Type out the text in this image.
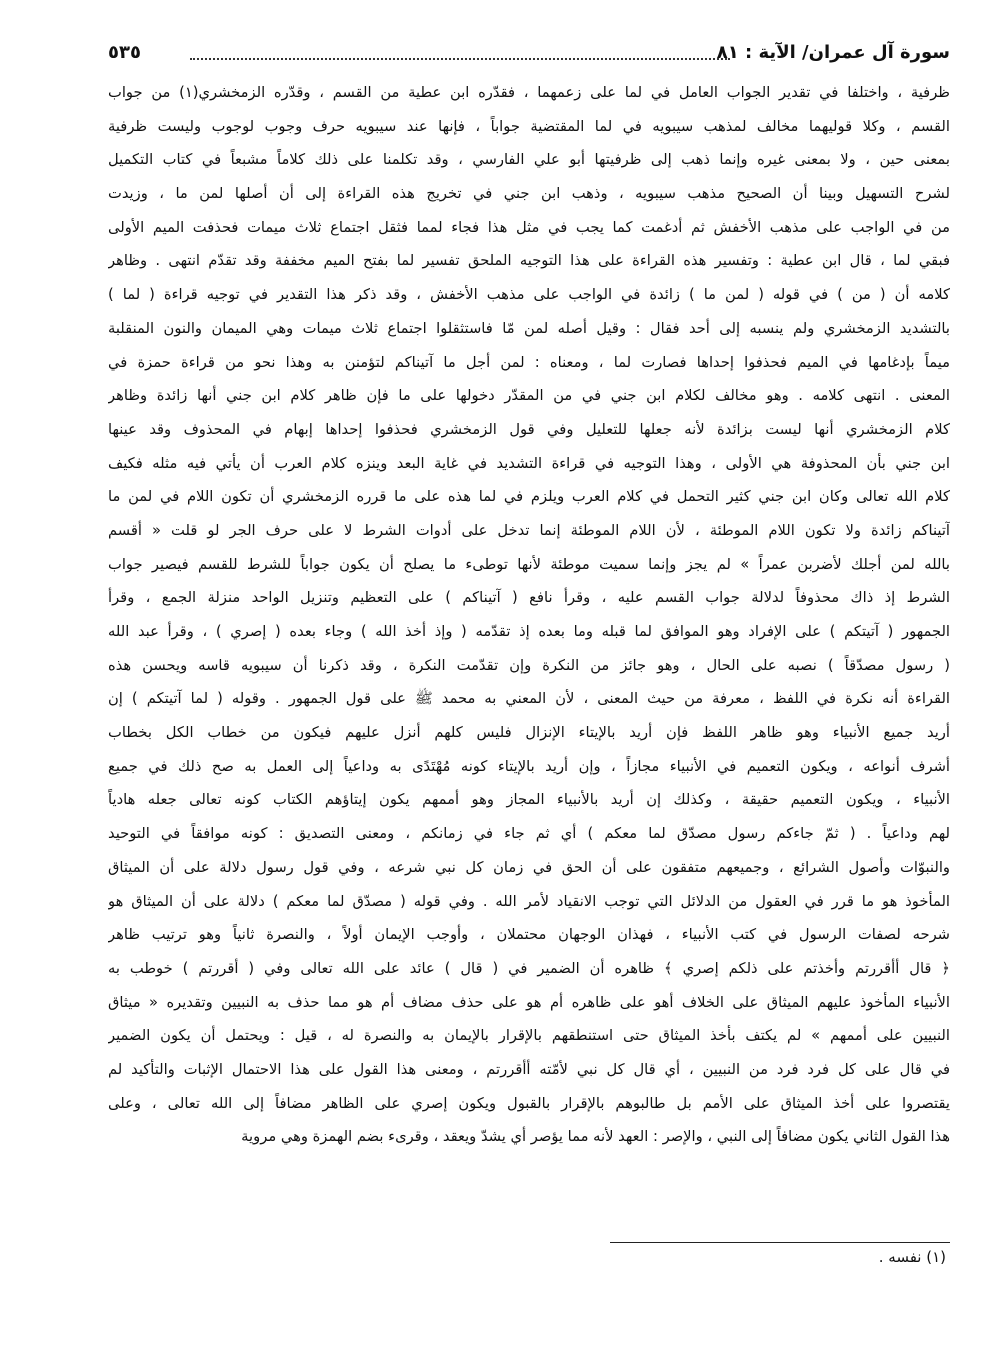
سورة آل عمران/ الآية : ٨١
٥٣٥
ظرفية ، واختلفا في تقدير الجواب العامل في لما على زعمهما ، فقدّره ابن عطية من القسم ، وقدّره الزمخشري(١) من جواب
القسم ، وكلا قوليهما مخالف لمذهب سيبويه في لما المقتضية جواباً ، فإنها عند سيبويه حرف وجوب لوجوب وليست ظرفية
بمعنى حين ، ولا بمعنى غيره وإنما ذهب إلى ظرفيتها أبو علي الفارسي ، وقد تكلمنا على ذلك كلاماً مشبعاً في كتاب التكميل
لشرح التسهيل وبينا أن الصحيح مذهب سيبويه ، وذهب ابن جني في تخريج هذه القراءة إلى أن أصلها لمن ما ، وزيدت
من في الواجب على مذهب الأخفش ثم أدغمت كما يجب في مثل هذا فجاء لمما فثقل اجتماع ثلاث ميمات فحذفت الميم الأولى
فبقي لما ، قال ابن عطية : وتفسير هذه القراءة على هذا التوجيه الملحق تفسير لما بفتح الميم مخففة وقد تقدّم انتهى . وظاهر
كلامه أن ( من ) في قوله ( لمن ما ) زائدة في الواجب على مذهب الأخفش ، وقد ذكر هذا التقدير في توجيه قراءة ( لما )
بالتشديد الزمخشري ولم ينسبه إلى أحد فقال : وقيل أصله لمن مّا فاستثقلوا اجتماع ثلاث ميمات وهي الميمان والنون المنقلبة
ميماً بإدغامها في الميم فحذفوا إحداها فصارت لما ، ومعناه : لمن أجل ما آتيناكم لتؤمنن به وهذا نحو من قراءة حمزة في
المعنى . انتهى كلامه . وهو مخالف لكلام ابن جني في من المقدّر دخولها على ما فإن ظاهر كلام ابن جني أنها زائدة وظاهر
كلام الزمخشري أنها ليست بزائدة لأنه جعلها للتعليل وفي قول الزمخشري فحذفوا إحداها إبهام في المحذوف وقد عينها
ابن جني بأن المحذوفة هي الأولى ، وهذا التوجيه في قراءة التشديد في غاية البعد وينزه كلام العرب أن يأتي فيه مثله فكيف
كلام الله تعالى وكان ابن جني كثير التحمل في كلام العرب ويلزم في لما هذه على ما قرره الزمخشري أن تكون اللام في لمن ما
آتيناكم زائدة ولا تكون اللام الموطئة ، لأن اللام الموطئة إنما تدخل على أدوات الشرط لا على حرف الجر لو قلت « أقسم
بالله لمن أجلك لأضربن عمراً » لم يجز وإنما سميت موطئة لأنها توطىء ما يصلح أن يكون جواباً للشرط للقسم فيصير جواب
الشرط إذ ذاك محذوفاً لدلالة جواب القسم عليه ، وقرأ نافع ( آتيناكم ) على التعظيم وتنزيل الواحد منزلة الجمع ، وقرأ
الجمهور ( آتيتكم ) على الإفراد وهو الموافق لما قبله وما بعده إذ تقدّمه ( وإذ أخذ الله ) وجاء بعده ( إصري ) ، وقرأ عبد الله
( رسول مصدّقاً ) نصبه على الحال ، وهو جائز من النكرة وإن تقدّمت النكرة ، وقد ذكرنا أن سيبويه قاسه ويحسن هذه
القراءة أنه نكرة في اللفظ ، معرفة من حيث المعنى ، لأن المعني به محمد ﷺ على قول الجمهور . وقوله ( لما آتيتكم ) إن
أريد جميع الأنبياء وهو ظاهر اللفظ فإن أريد بالإيتاء الإنزال فليس كلهم أنزل عليهم فيكون من خطاب الكل بخطاب
أشرف أنواعه ، ويكون التعميم في الأنبياء مجازاً ، وإن أريد بالإيتاء كونه مُهْتَدًى به وداعياً إلى العمل به صح ذلك في جميع
الأنبياء ، ويكون التعميم حقيقة ، وكذلك إن أريد بالأنبياء المجاز وهو أممهم يكون إيتاؤهم الكتاب كونه تعالى جعله هادياً
لهم وداعياً . ( ثمّ جاءكم رسول مصدّق لما معكم ) أي ثم جاء في زمانكم ، ومعنى التصديق : كونه موافقاً في التوحيد
والنبوّات وأصول الشرائع ، وجميعهم متفقون على أن الحق في زمان كل نبي شرعه ، وفي قول رسول دلالة على أن الميثاق
المأخوذ هو ما قرر في العقول من الدلائل التي توجب الانقياد لأمر الله . وفي قوله ( مصدّق لما معكم ) دلالة على أن الميثاق هو
شرحه لصفات الرسول في كتب الأنبياء ، فهذان الوجهان محتملان ، وأوجب الإيمان أولاً ، والنصرة ثانياً وهو ترتيب ظاهر
﴿ قال أأقررتم وأخذتم على ذلكم إصري ﴾ ظاهره أن الضمير في ( قال ) عائد على الله تعالى وفي ( أقررتم ) خوطب به
الأنبياء المأخوذ عليهم الميثاق على الخلاف أهو على ظاهره أم هو على حذف مضاف أم هو مما حذف به النبيين وتقديره « ميثاق
النبيين على أممهم » لم يكتف بأخذ الميثاق حتى استنطقهم بالإقرار بالإيمان به والنصرة له ، قيل : ويحتمل أن يكون الضمير
في قال على كل فرد فرد من النبيين ، أي قال كل نبي لأمّته أأقررتم ، ومعنى هذا القول على هذا الاحتمال الإثبات والتأكيد لم
يقتصروا على أخذ الميثاق على الأمم بل طالبوهم بالإقرار بالقبول ويكون إصري على الظاهر مضافاً إلى الله تعالى ، وعلى
هذا القول الثاني يكون مضافاً إلى النبي ، والإصر : العهد لأنه مما يؤصر أي يشدّ ويعقد ، وقرىء بضم الهمزة وهي مروية
(١) نفسه .
